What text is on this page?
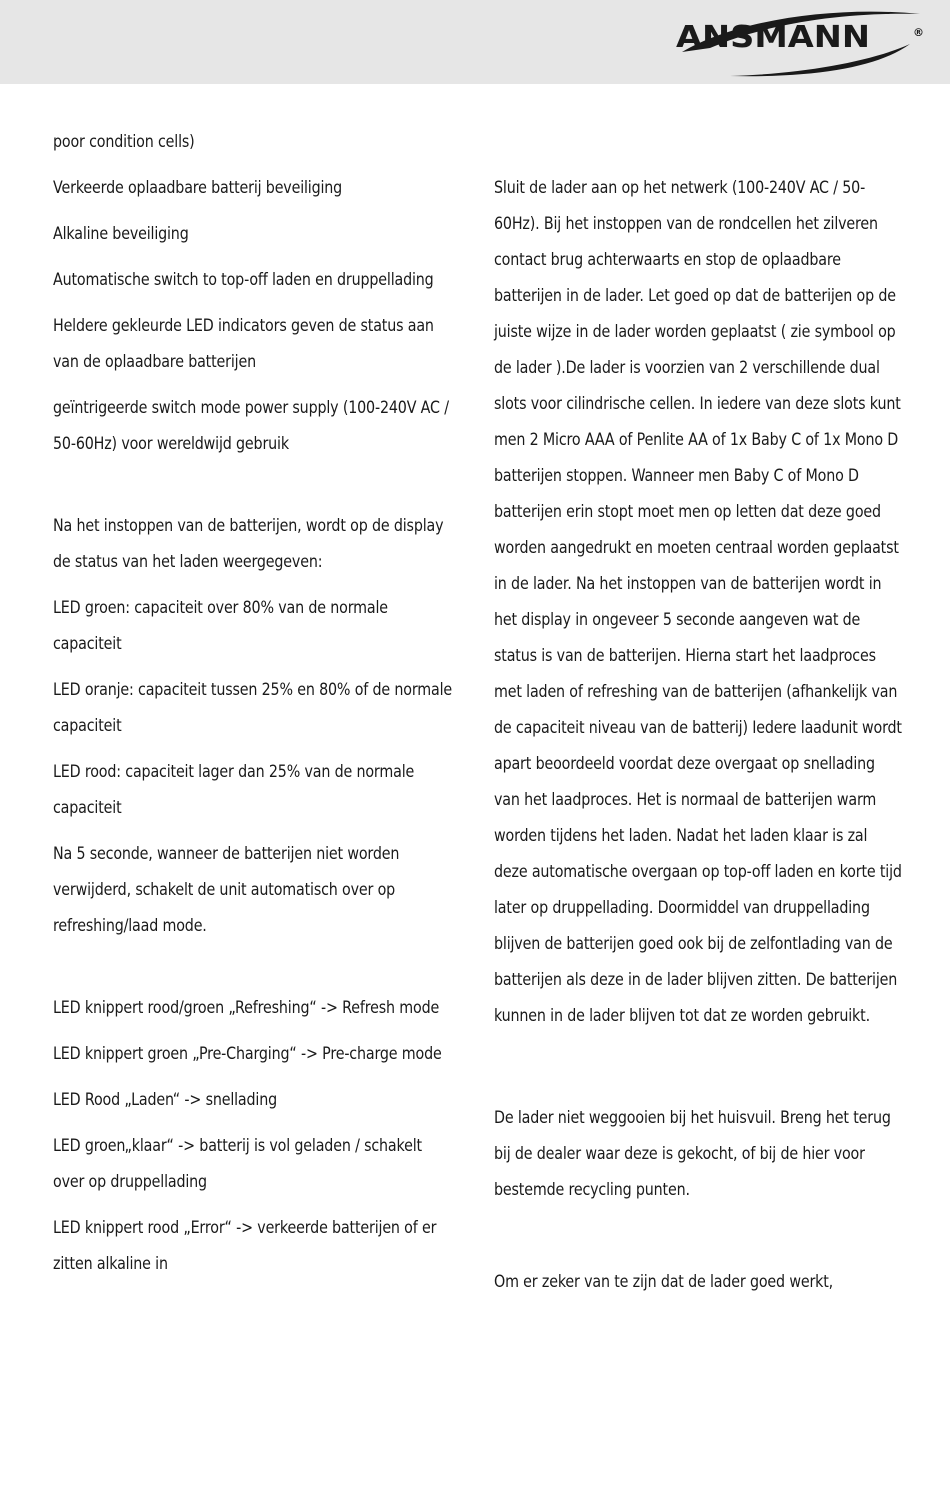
ANSMANN	®

poor condition cells)

Verkeerde oplaadbare batterij beveiliging

Alkaline beveiliging

Automatische switch to top-off laden en druppellading

Heldere gekleurde LED indicators geven de status aan van de oplaadbare batterijen

geïntrigeerde switch mode power supply (100-240V AC / 50-60Hz) voor wereldwijd gebruik

Na het instoppen van de batterijen, wordt op de display de status van het laden weergegeven:

LED groen: capaciteit over 80% van de normale capaciteit

LED oranje: capaciteit tussen 25% en 80% of de normale capaciteit

LED rood: capaciteit lager dan 25% van de normale capaciteit

Na 5 seconde, wanneer de batterijen niet worden verwijderd, schakelt de unit automatisch over op refreshing/laad mode.

LED knippert rood/groen „Refreshing“ -> Refresh mode

LED knippert groen „Pre-Charging“ -> Pre-charge mode

LED Rood „Laden“ -> snellading

LED groen„klaar“ -> batterij is vol geladen / schakelt over op druppellading

LED knippert rood „Error“ -> verkeerde batterijen of er zitten alkaline in

Sluit de lader aan op het netwerk (100-240V AC / 50-60Hz). Bij het instoppen van de rondcellen het zilveren contact brug achterwaarts en stop de oplaadbare batterijen in de lader. Let goed op dat de batterijen op de juiste wijze in de lader worden geplaatst ( zie symbool op de lader ).De lader is voorzien van 2 verschillende dual slots voor cilindrische cellen. In iedere van deze slots kunt men 2 Micro AAA of Penlite AA of 1x Baby C of 1x Mono D batterijen stoppen. Wanneer men Baby C of Mono D batterijen erin stopt moet men op letten dat deze goed worden aangedrukt en moeten centraal worden geplaatst in de lader. Na het instoppen van de batterijen wordt in het display in ongeveer 5 seconde aangeven wat de status is van de batterijen. Hierna start het laadproces met laden of refreshing van de batterijen (afhankelijk van de capaciteit niveau van de batterij) Iedere laadunit wordt apart beoordeeld voordat deze overgaat op snellading van het laadproces. Het is normaal de batterijen warm worden tijdens het laden. Nadat het laden klaar is zal deze automatische overgaan op top-off laden en korte tijd later op druppellading. Doormiddel van druppellading blijven de batterijen goed ook bij de zelfontlading van de batterijen als deze in de lader blijven zitten. De batterijen kunnen in de lader blijven tot dat ze worden gebruikt.

De lader niet weggooien bij het huisvuil. Breng het terug bij de dealer waar deze is gekocht, of bij de hier voor bestemde recycling punten.

Om er zeker van te zijn dat de lader goed werkt,
